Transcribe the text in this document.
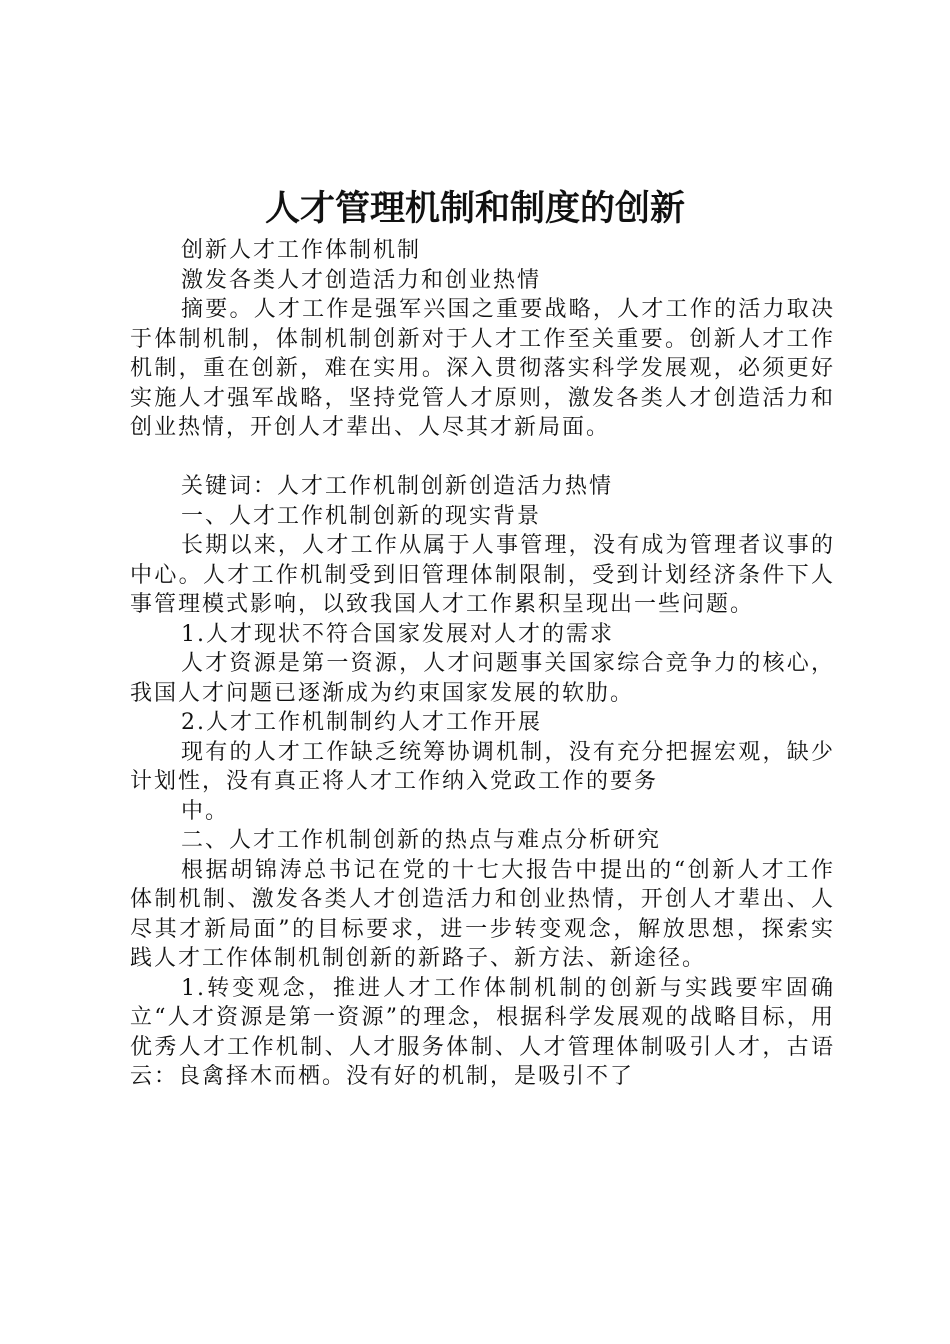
人才管理机制和制度的创新

创新人才工作体制机制

激发各类人才创造活力和创业热情

摘要。人才工作是强军兴国之重要战略，人才工作的活力取决于体制机制，体制机制创新对于人才工作至关重要。创新人才工作机制，重在创新，难在实用。深入贯彻落实科学发展观，必须更好实施人才强军战略，坚持党管人才原则，激发各类人才创造活力和创业热情，开创人才辈出、人尽其才新局面。

关键词：人才工作机制创新创造活力热情

一、人才工作机制创新的现实背景

长期以来，人才工作从属于人事管理，没有成为管理者议事的中心。人才工作机制受到旧管理体制限制，受到计划经济条件下人事管理模式影响，以致我国人才工作累积呈现出一些问题。

1.人才现状不符合国家发展对人才的需求

人才资源是第一资源，人才问题事关国家综合竞争力的核心，我国人才问题已逐渐成为约束国家发展的软肋。

2.人才工作机制制约人才工作开展

现有的人才工作缺乏统筹协调机制，没有充分把握宏观，缺少计划性，没有真正将人才工作纳入党政工作的要务

中。

二、人才工作机制创新的热点与难点分析研究

根据胡锦涛总书记在党的十七大报告中提出的“创新人才工作体制机制、激发各类人才创造活力和创业热情，开创人才辈出、人尽其才新局面”的目标要求，进一步转变观念，解放思想，探索实践人才工作体制机制创新的新路子、新方法、新途径。

1.转变观念，推进人才工作体制机制的创新与实践要牢固确立“人才资源是第一资源”的理念，根据科学发展观的战略目标，用优秀人才工作机制、人才服务体制、人才管理体制吸引人才，古语云：良禽择木而栖。没有好的机制，是吸引不了
